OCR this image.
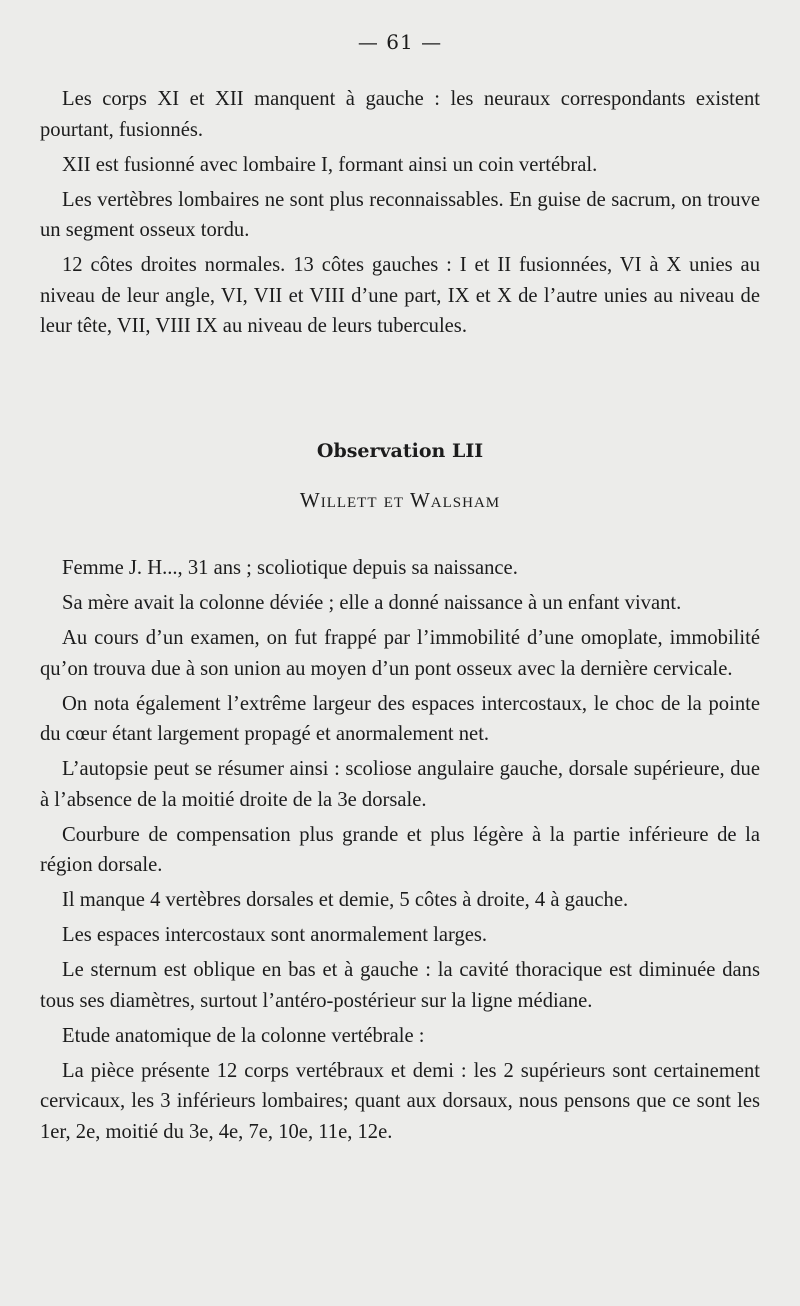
— 61 —

Les corps XI et XII manquent à gauche : les neuraux correspondants existent pourtant, fusionnés.

XII est fusionné avec lombaire I, formant ainsi un coin vertébral.

Les vertèbres lombaires ne sont plus reconnaissables. En guise de sacrum, on trouve un segment osseux tordu.

12 côtes droites normales. 13 côtes gauches : I et II fusionnées, VI à X unies au niveau de leur angle, VI, VII et VIII d’une part, IX et X de l’autre unies au niveau de leur tête, VII, VIII IX au niveau de leurs tubercules.

Observation LII
Willett et Walsham

Femme J. H..., 31 ans ; scoliotique depuis sa naissance.

Sa mère avait la colonne déviée ; elle a donné naissance à un enfant vivant.

Au cours d’un examen, on fut frappé par l’immobilité d’une omoplate, immobilité qu’on trouva due à son union au moyen d’un pont osseux avec la dernière cervicale.

On nota également l’extrême largeur des espaces intercostaux, le choc de la pointe du cœur étant largement propagé et anormalement net.

L’autopsie peut se résumer ainsi : scoliose angulaire gauche, dorsale supérieure, due à l’absence de la moitié droite de la 3e dorsale.

Courbure de compensation plus grande et plus légère à la partie inférieure de la région dorsale.

Il manque 4 vertèbres dorsales et demie, 5 côtes à droite, 4 à gauche.

Les espaces intercostaux sont anormalement larges.

Le sternum est oblique en bas et à gauche : la cavité thoracique est diminuée dans tous ses diamètres, surtout l’antéro-postérieur sur la ligne médiane.

Etude anatomique de la colonne vertébrale :

La pièce présente 12 corps vertébraux et demi : les 2 supérieurs sont certainement cervicaux, les 3 inférieurs lombaires; quant aux dorsaux, nous pensons que ce sont les 1er, 2e, moitié du 3e, 4e, 7e, 10e, 11e, 12e.
